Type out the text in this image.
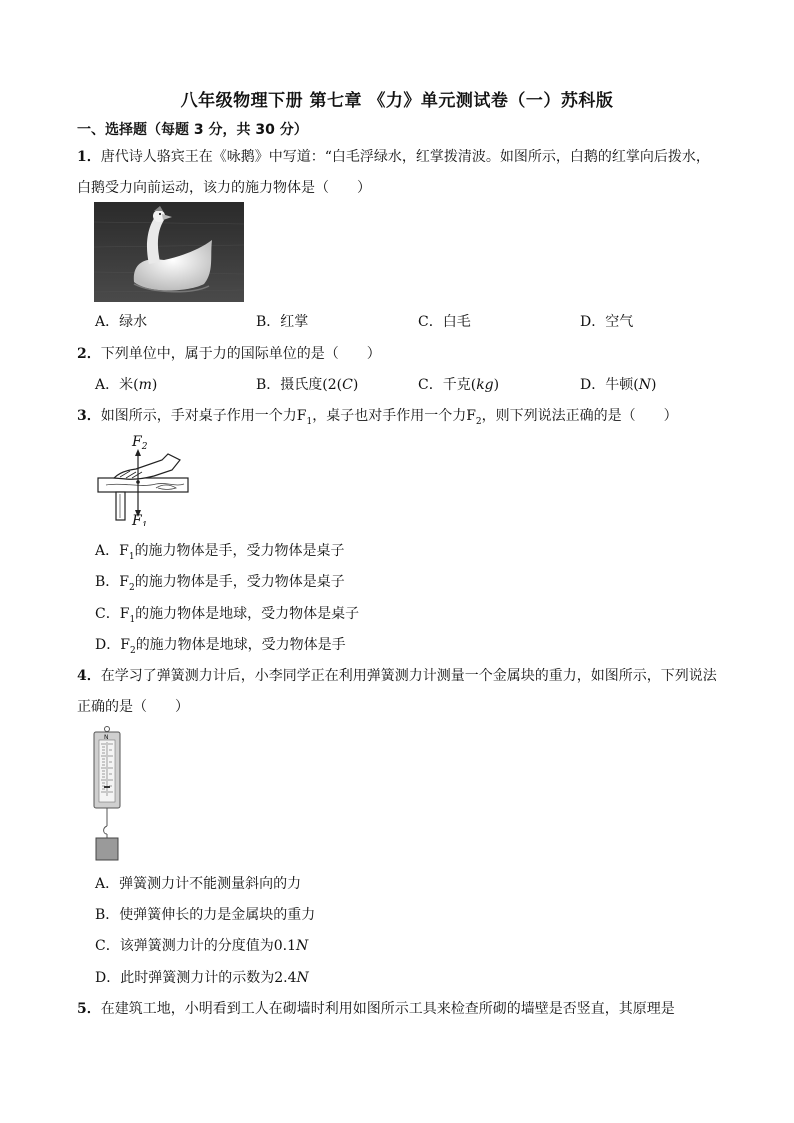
八年级物理下册 第七章 《力》单元测试卷（一）苏科版
一、选择题（每题 3 分，共 30 分）
1．唐代诗人骆宾王在《咏鹅》中写道：“白毛浮绿水，红掌拨清波。如图所示，白鹅的红掌向后拨水，
白鹅受力向前运动，该力的施力物体是（　　）
A．绿水	B．红掌	C．白毛	D．空气
2．下列单位中，属于力的国际单位的是（　　）
A．米(m)	B．摄氏度(2(C)	C．千克(kg)	D．牛顿(N)
3．如图所示，手对桌子作用一个力$F_1$，桌子也对手作用一个力$F_2$，则下列说法正确的是（　　）
$F_2$
$F_1$
A．$F_1$的施力物体是手，受力物体是桌子
B．$F_2$的施力物体是手，受力物体是桌子
C．$F_1$的施力物体是地球，受力物体是桌子
D．$F_2$的施力物体是地球，受力物体是手
4．在学习了弹簧测力计后，小李同学正在利用弹簧测力计测量一个金属块的重力，如图所示，下列说法
正确的是（　　）
N
A．弹簧测力计不能测量斜向的力
B．使弹簧伸长的力是金属块的重力
C．该弹簧测力计的分度值为0.1N
D．此时弹簧测力计的示数为2.4N
5．在建筑工地，小明看到工人在砌墙时利用如图所示工具来检查所砌的墙壁是否竖直，其原理是
